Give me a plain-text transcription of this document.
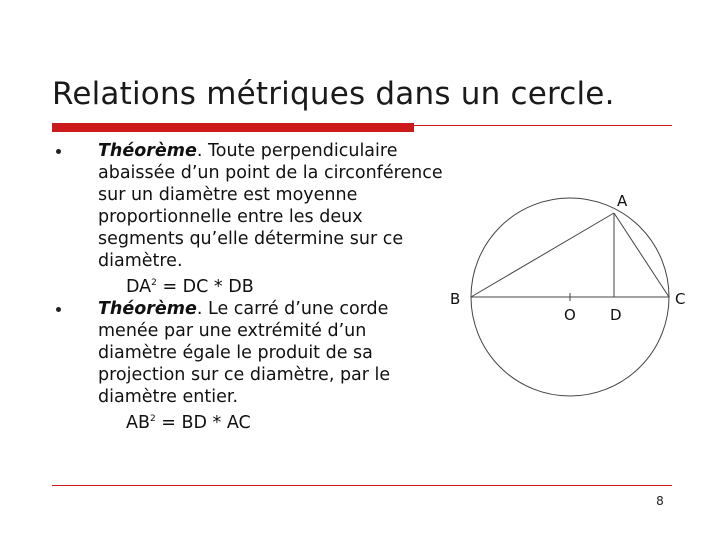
Relations métriques dans un cercle.

Théorème. Toute perpendiculaire abaissée d’un point de la circonférence sur un diamètre est moyenne proportionnelle entre les deux segments qu’elle détermine sur ce diamètre.

$DA^2$ = DC * DB

Théorème. Le carré d’une corde menée par une extrémité d’un diamètre égale le produit de sa projection sur ce diamètre, par le diamètre entier.

$AB^2$ = BD * AC

A
B	C
O D
8
